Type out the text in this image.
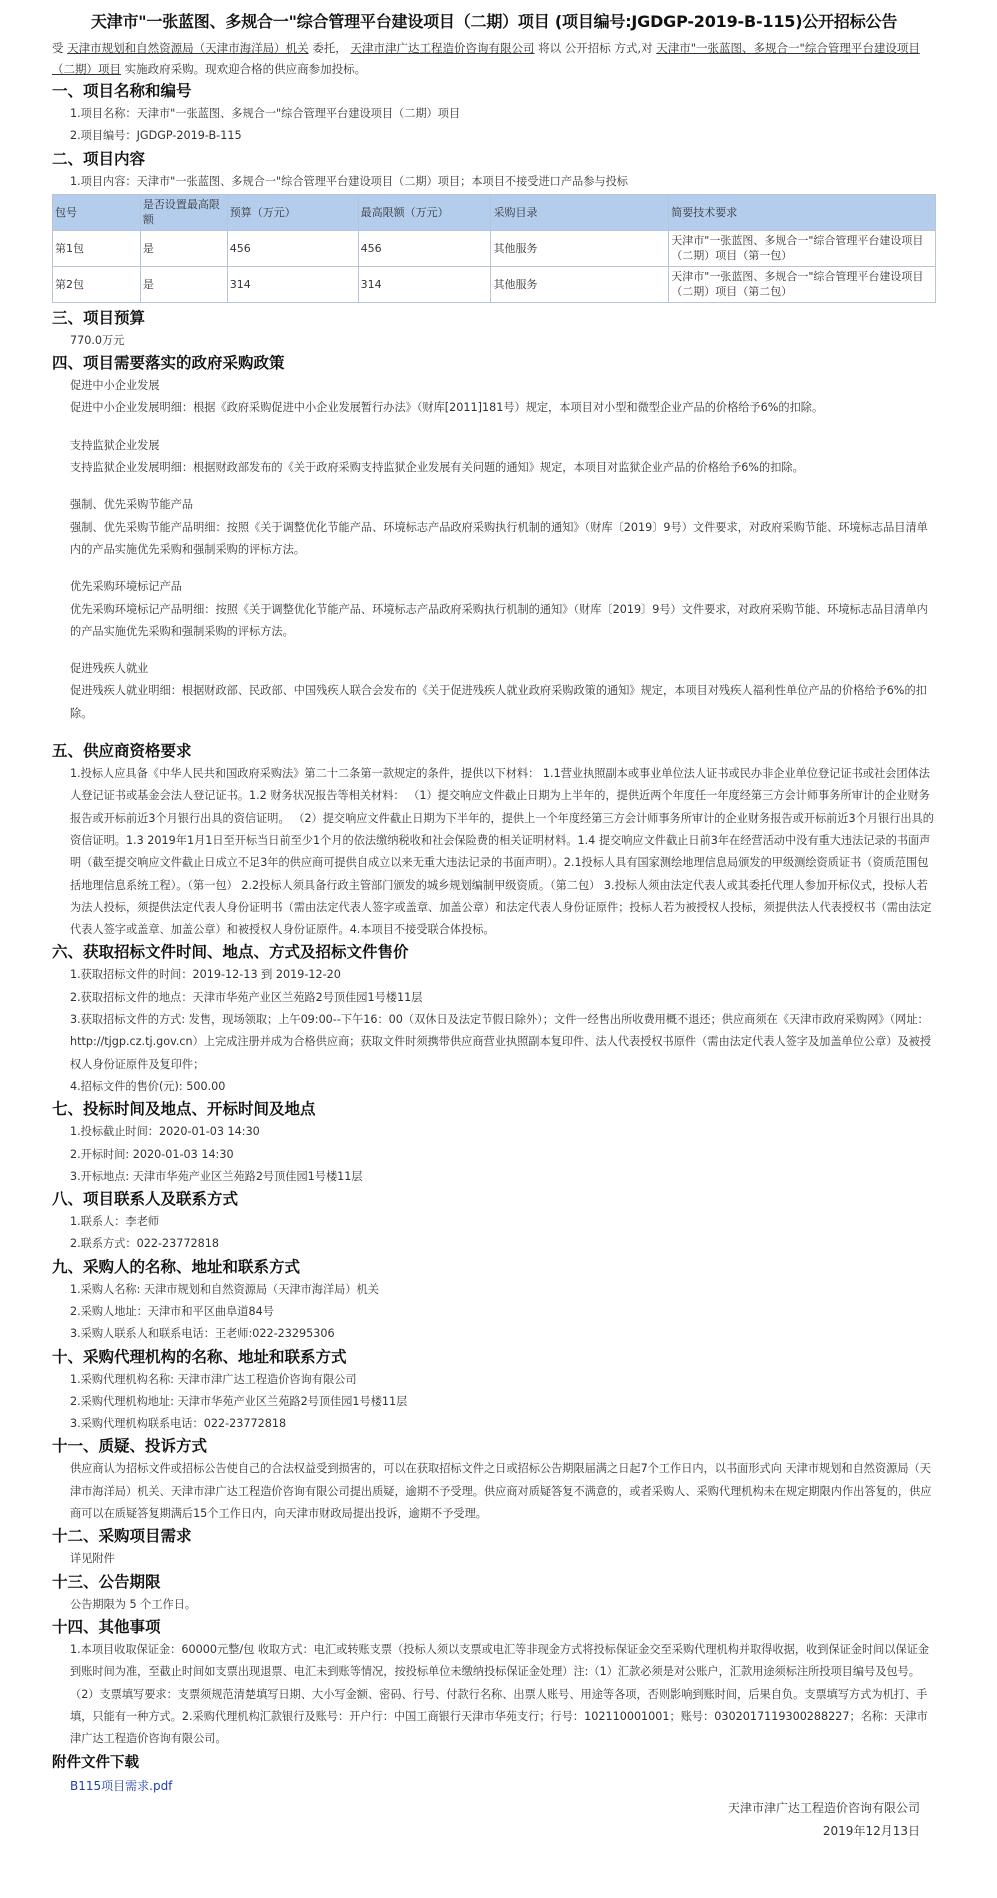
天津市"一张蓝图、多规合一"综合管理平台建设项目（二期）项目 (项目编号:JGDGP-2019-B-115)公开招标公告
受 天津市规划和自然资源局（天津市海洋局）机关 委托， 天津市津广达工程造价咨询有限公司 将以 公开招标 方式,对 天津市"一张蓝图、多规合一"综合管理平台建设项目（二期）项目 实施政府采购。现欢迎合格的供应商参加投标。
一、项目名称和编号
1.项目名称：天津市"一张蓝图、多规合一"综合管理平台建设项目（二期）项目
2.项目编号：JGDGP-2019-B-115
二、项目内容
1.项目内容：天津市"一张蓝图、多规合一"综合管理平台建设项目（二期）项目；本项目不接受进口产品参与投标
包号	是否设置最高限额	预算（万元）	最高限额（万元）	采购目录	简要技术要求
第1包	是	456	456	其他服务	天津市"一张蓝图、多规合一"综合管理平台建设项目（二期）项目（第一包）
第2包	是	314	314	其他服务	天津市"一张蓝图、多规合一"综合管理平台建设项目（二期）项目（第二包）
三、项目预算
770.0万元
四、项目需要落实的政府采购政策
促进中小企业发展
促进中小企业发展明细：根据《政府采购促进中小企业发展暂行办法》（财库[2011]181号）规定，本项目对小型和微型企业产品的价格给予6%的扣除。
支持监狱企业发展
支持监狱企业发展明细：根据财政部发布的《关于政府采购支持监狱企业发展有关问题的通知》规定，本项目对监狱企业产品的价格给予6%的扣除。
强制、优先采购节能产品
强制、优先采购节能产品明细：按照《关于调整优化节能产品、环境标志产品政府采购执行机制的通知》（财库〔2019〕9号）文件要求，对政府采购节能、环境标志品目清单内的产品实施优先采购和强制采购的评标方法。
优先采购环境标记产品
优先采购环境标记产品明细：按照《关于调整优化节能产品、环境标志产品政府采购执行机制的通知》（财库〔2019〕9号）文件要求，对政府采购节能、环境标志品目清单内的产品实施优先采购和强制采购的评标方法。
促进残疾人就业
促进残疾人就业明细：根据财政部、民政部、中国残疾人联合会发布的《关于促进残疾人就业政府采购政策的通知》规定，本项目对残疾人福利性单位产品的价格给予6%的扣除。
五、供应商资格要求
1.投标人应具备《中华人民共和国政府采购法》第二十二条第一款规定的条件，提供以下材料： 1.1营业执照副本或事业单位法人证书或民办非企业单位登记证书或社会团体法人登记证书或基金会法人登记证书。1.2 财务状况报告等相关材料： （1）提交响应文件截止日期为上半年的，提供近两个年度任一年度经第三方会计师事务所审计的企业财务报告或开标前近3个月银行出具的资信证明。 （2）提交响应文件截止日期为下半年的，提供上一个年度经第三方会计师事务所审计的企业财务报告或开标前近3个月银行出具的资信证明。1.3 2019年1月1日至开标当日前至少1个月的依法缴纳税收和社会保险费的相关证明材料。1.4 提交响应文件截止日前3年在经营活动中没有重大违法记录的书面声明（截至提交响应文件截止日成立不足3年的供应商可提供自成立以来无重大违法记录的书面声明）。2.1投标人具有国家测绘地理信息局颁发的甲级测绘资质证书（资质范围包括地理信息系统工程）。（第一包） 2.2投标人须具备行政主管部门颁发的城乡规划编制甲级资质。（第二包） 3.投标人须由法定代表人或其委托代理人参加开标仪式，投标人若为法人投标，须提供法定代表人身份证明书（需由法定代表人签字或盖章、加盖公章）和法定代表人身份证原件；投标人若为被授权人投标，须提供法人代表授权书（需由法定代表人签字或盖章、加盖公章）和被授权人身份证原件。4.本项目不接受联合体投标。
六、获取招标文件时间、地点、方式及招标文件售价
1.获取招标文件的时间：2019-12-13 到 2019-12-20
2.获取招标文件的地点：天津市华苑产业区兰苑路2号顶佳园1号楼11层
3.获取招标文件的方式: 发售，现场领取；上午09:00--下午16：00（双休日及法定节假日除外）；文件一经售出所收费用概不退还；供应商须在《天津市政府采购网》（网址：http://tjgp.cz.tj.gov.cn）上完成注册并成为合格供应商；获取文件时须携带供应商营业执照副本复印件、法人代表授权书原件（需由法定代表人签字及加盖单位公章）及被授权人身份证原件及复印件；
4.招标文件的售价(元): 500.00
七、投标时间及地点、开标时间及地点
1.投标截止时间：2020-01-03 14:30
2.开标时间: 2020-01-03 14:30
3.开标地点: 天津市华苑产业区兰苑路2号顶佳园1号楼11层
八、项目联系人及联系方式
1.联系人：李老师
2.联系方式：022-23772818
九、采购人的名称、地址和联系方式
1.采购人名称: 天津市规划和自然资源局（天津市海洋局）机关
2.采购人地址：天津市和平区曲阜道84号
3.采购人联系人和联系电话：王老师:022-23295306
十、采购代理机构的名称、地址和联系方式
1.采购代理机构名称: 天津市津广达工程造价咨询有限公司
2.采购代理机构地址: 天津市华苑产业区兰苑路2号顶佳园1号楼11层
3.采购代理机构联系电话：022-23772818
十一、质疑、投诉方式
供应商认为招标文件或招标公告使自己的合法权益受到损害的，可以在获取招标文件之日或招标公告期限届满之日起7个工作日内，以书面形式向 天津市规划和自然资源局（天津市海洋局）机关、天津市津广达工程造价咨询有限公司提出质疑，逾期不予受理。供应商对质疑答复不满意的，或者采购人、采购代理机构未在规定期限内作出答复的，供应商可以在质疑答复期满后15个工作日内，向天津市财政局提出投诉，逾期不予受理。
十二、采购项目需求
详见附件
十三、公告期限
公告期限为 5 个工作日。
十四、其他事项
1.本项目收取保证金：60000元整/包 收取方式：电汇或转账支票（投标人须以支票或电汇等非现金方式将投标保证金交至采购代理机构并取得收据，收到保证金时间以保证金到账时间为准，至截止时间如支票出现退票、电汇未到账等情况，按投标单位未缴纳投标保证金处理）注:（1）汇款必须是对公账户，汇款用途须标注所投项目编号及包号。（2）支票填写要求：支票须规范清楚填写日期、大小写金额、密码、行号、付款行名称、出票人账号、用途等各项，否则影响到账时间，后果自负。支票填写方式为机打、手填，只能有一种方式。2.采购代理机构汇款银行及账号：开户行：中国工商银行天津市华苑支行；行号：102110001001；账号：0302017119300288227；名称：天津市津广达工程造价咨询有限公司。
附件文件下载
B115项目需求.pdf
天津市津广达工程造价咨询有限公司
2019年12月13日
